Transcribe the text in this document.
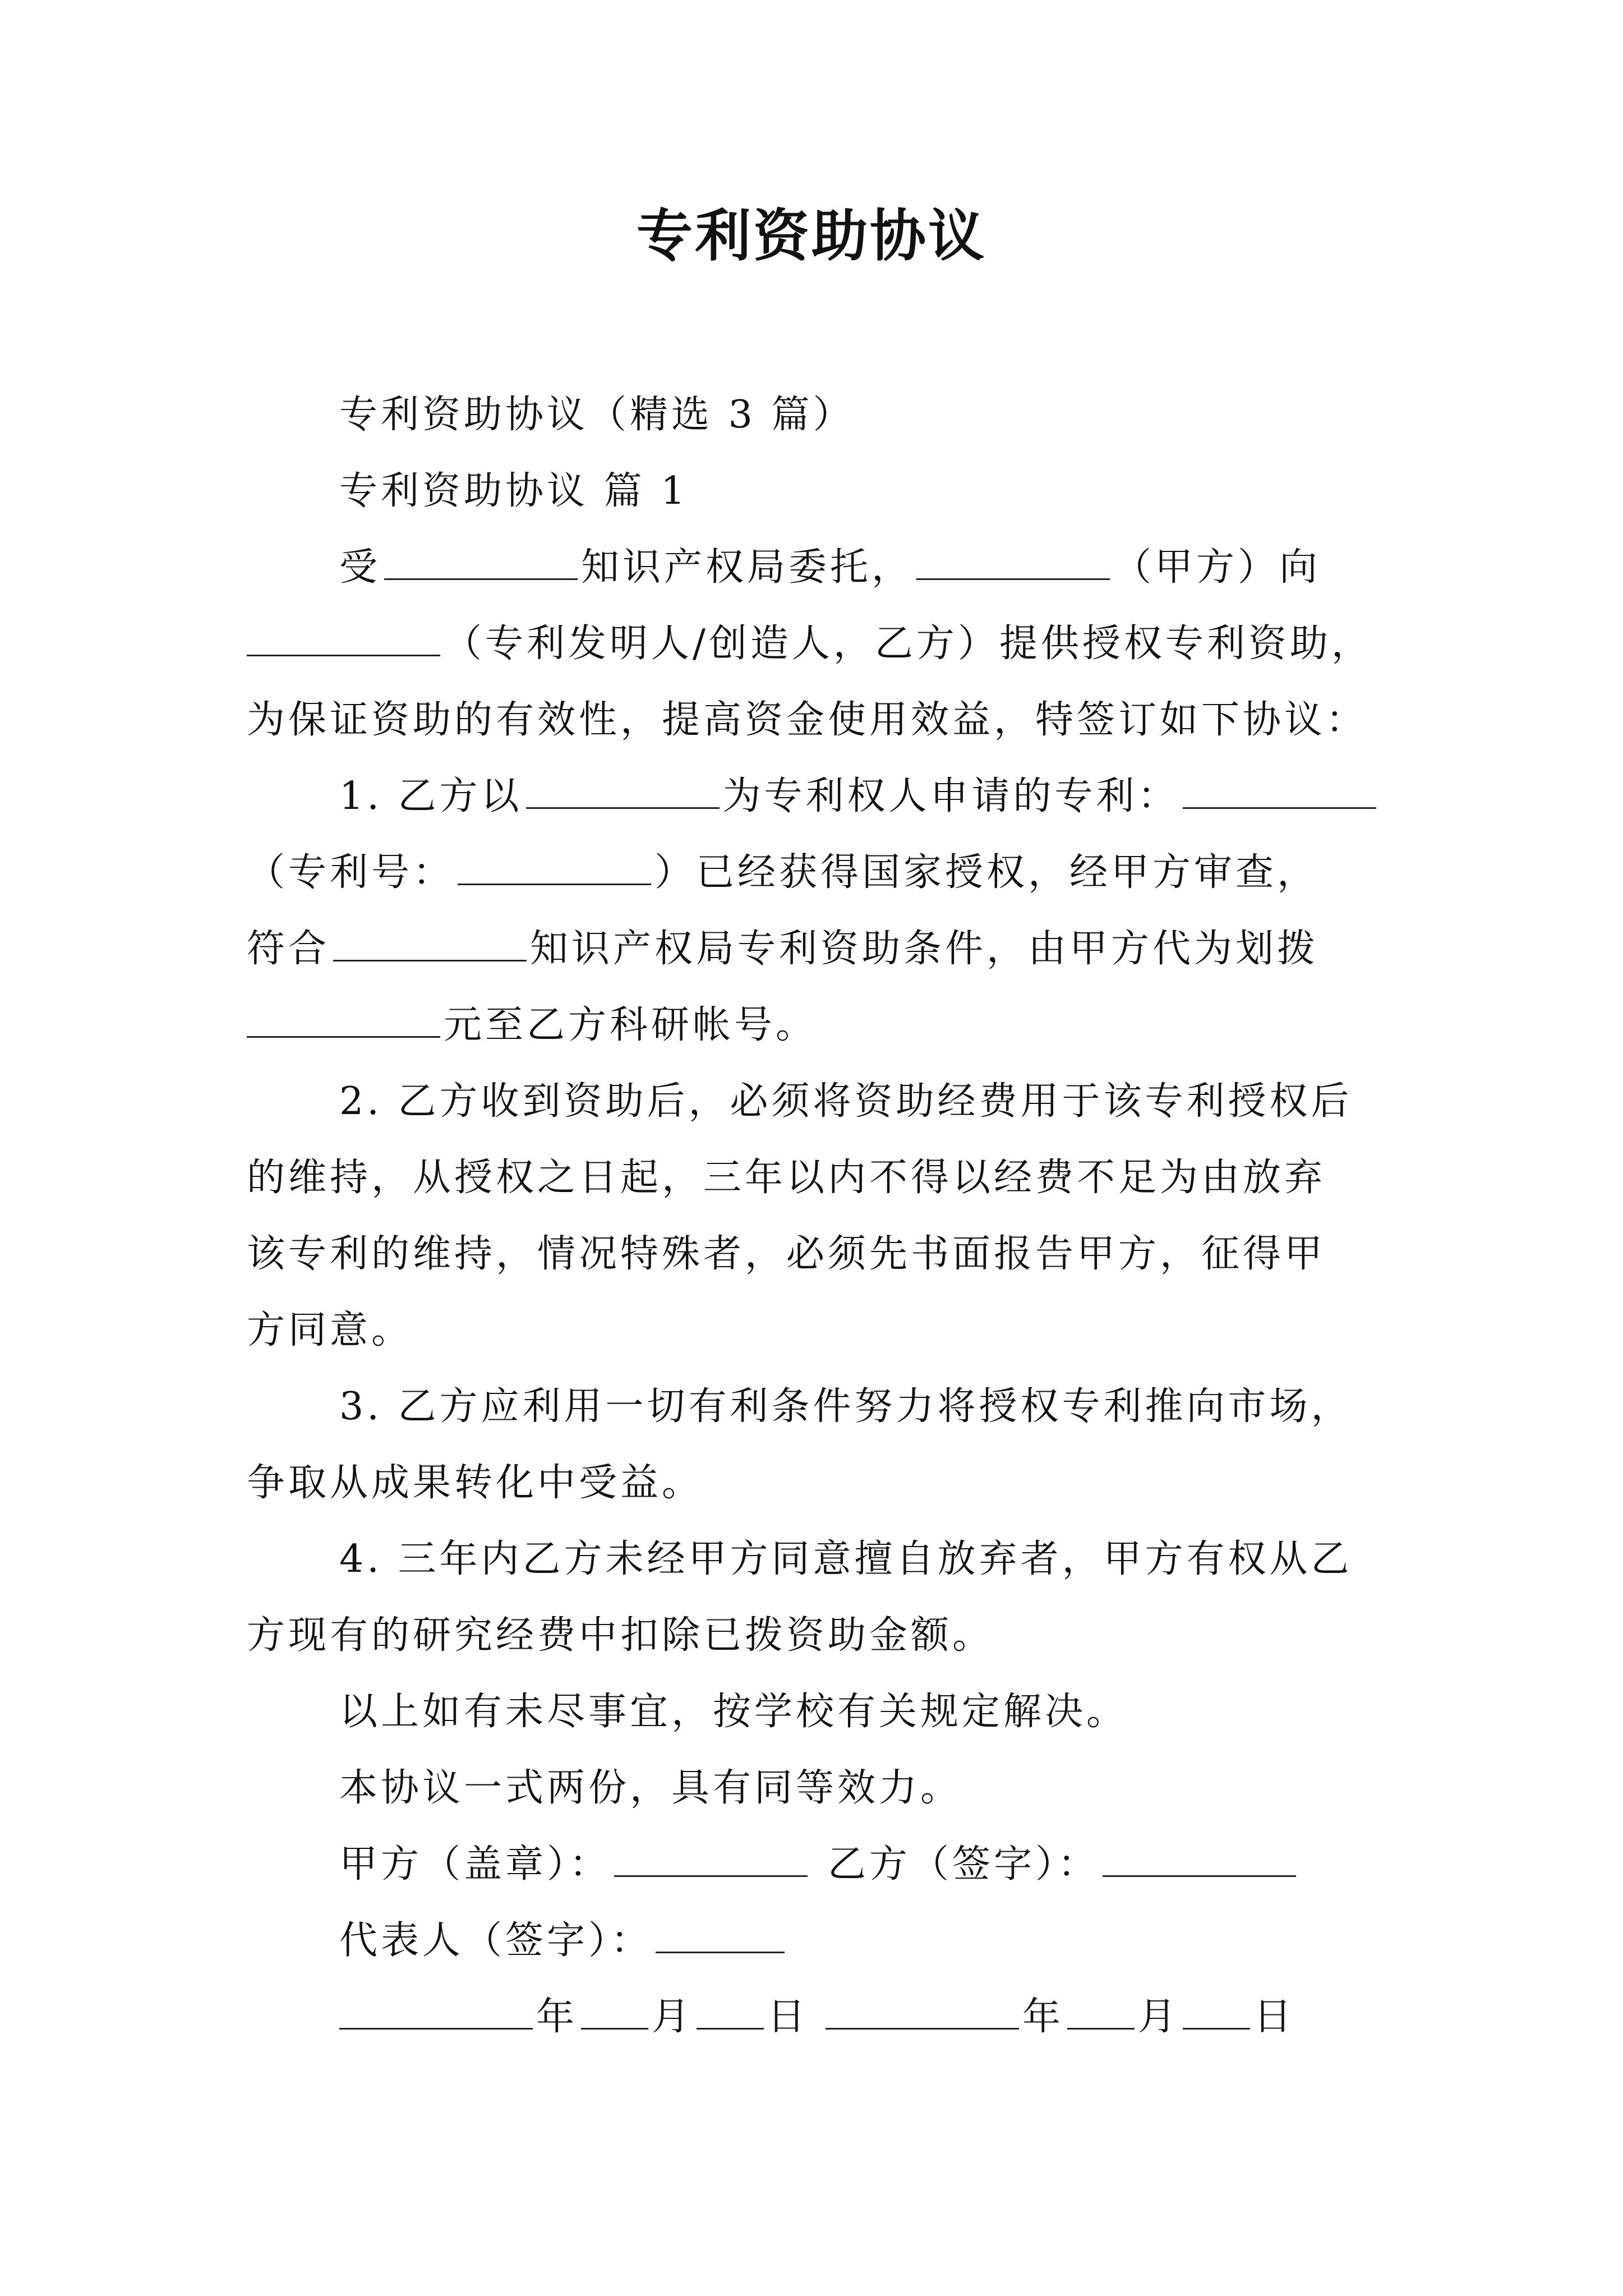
专利资助协议
专利资助协议（精选 3 篇）
专利资助协议 篇 1
受	知识产权局委托，	（甲方）向
（专利发明人/创造人，乙方）提供授权专利资助，
为保证资助的有效性，提高资金使用效益，特签订如下协议：
1. 乙方以	为专利权人申请的专利：
（专利号：	）已经获得国家授权，经甲方审查，
符合	知识产权局专利资助条件，由甲方代为划拨
元至乙方科研帐号。
2. 乙方收到资助后，必须将资助经费用于该专利授权后
的维持，从授权之日起，三年以内不得以经费不足为由放弃
该专利的维持，情况特殊者，必须先书面报告甲方，征得甲
方同意。
3. 乙方应利用一切有利条件努力将授权专利推向市场，
争取从成果转化中受益。
4. 三年内乙方未经甲方同意擅自放弃者，甲方有权从乙
方现有的研究经费中扣除已拨资助金额。
以上如有未尽事宜，按学校有关规定解决。
本协议一式两份，具有同等效力。
甲方（盖章）：	乙方（签字）：
代表人（签字）：
年 月 日	年 月 日
